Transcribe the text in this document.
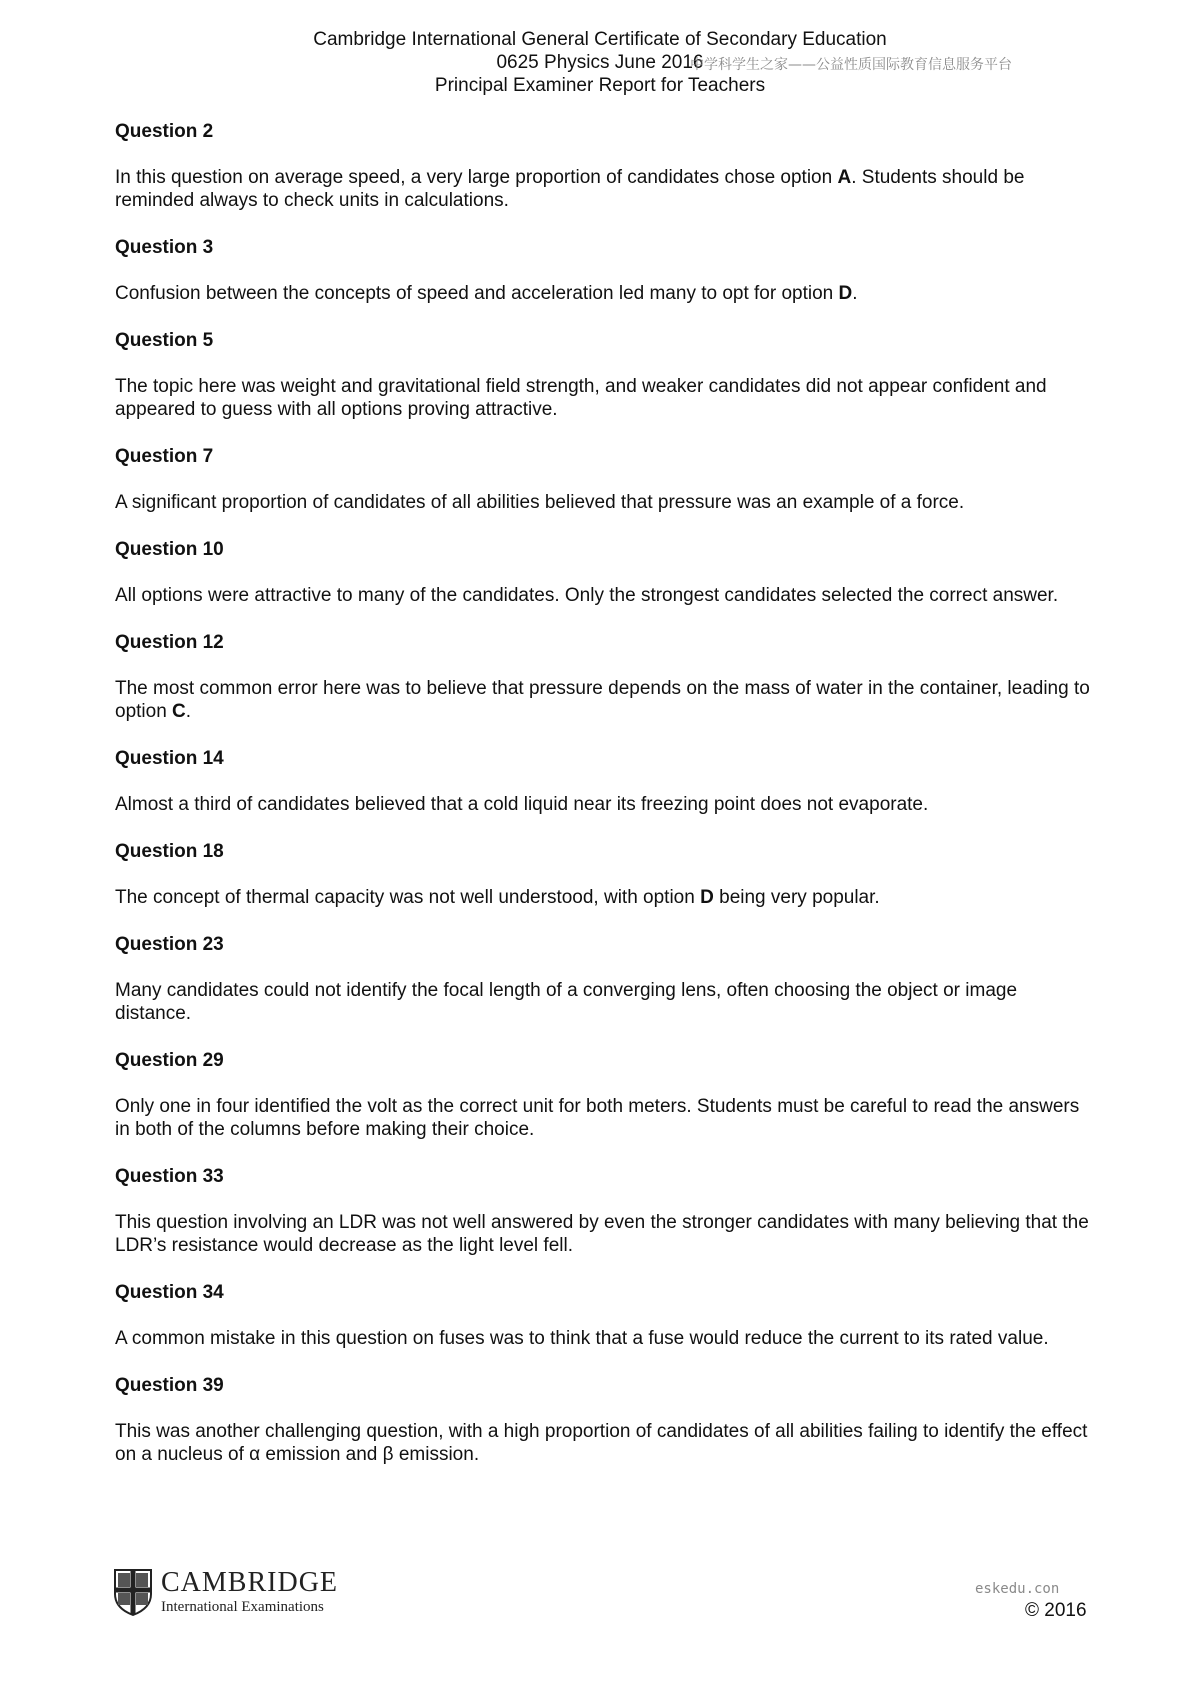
Cambridge International General Certificate of Secondary Education
0625 Physics June 2016
Principal Examiner Report for Teachers
中学科学生之家——公益性质国际教育信息服务平台
Question 2

In this question on average speed, a very large proportion of candidates chose option A. Students should be reminded always to check units in calculations.

Question 3

Confusion between the concepts of speed and acceleration led many to opt for option D.

Question 5

The topic here was weight and gravitational field strength, and weaker candidates did not appear confident and appeared to guess with all options proving attractive.

Question 7

A significant proportion of candidates of all abilities believed that pressure was an example of a force.

Question 10

All options were attractive to many of the candidates. Only the strongest candidates selected the correct answer.

Question 12

The most common error here was to believe that pressure depends on the mass of water in the container, leading to option C.

Question 14

Almost a third of candidates believed that a cold liquid near its freezing point does not evaporate.

Question 18

The concept of thermal capacity was not well understood, with option D being very popular.

Question 23

Many candidates could not identify the focal length of a converging lens, often choosing the object or image distance.

Question 29

Only one in four identified the volt as the correct unit for both meters. Students must be careful to read the answers in both of the columns before making their choice.

Question 33

This question involving an LDR was not well answered by even the stronger candidates with many believing that the LDR’s resistance would decrease as the light level fell.

Question 34

A common mistake in this question on fuses was to think that a fuse would reduce the current to its rated value.

Question 39

This was another challenging question, with a high proportion of candidates of all abilities failing to identify the effect on a nucleus of α emission and β emission.

CAMBRIDGE
International Examinations
eskedu.con
© 2016
